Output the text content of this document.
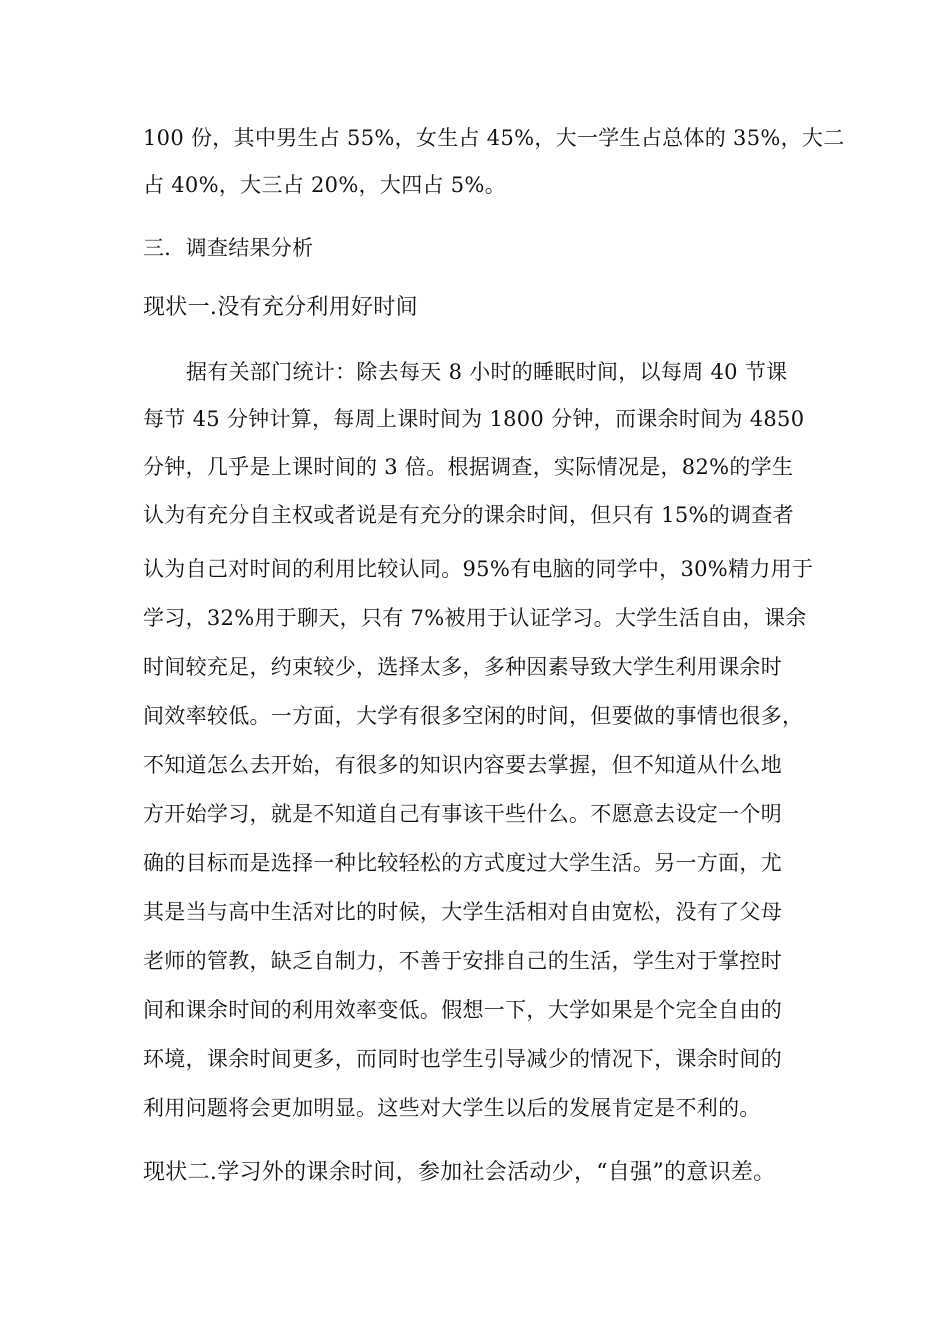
100 份，其中男生占 55%，女生占 45%，大一学生占总体的 35%，大二
占 40%，大三占 20%，大四占 5%。
三．调查结果分析
现状一.没有充分利用好时间
据有关部门统计：除去每天 8 小时的睡眠时间，以每周 40 节课
每节 45 分钟计算，每周上课时间为 1800 分钟，而课余时间为 4850
分钟，几乎是上课时间的 3 倍。根据调查，实际情况是，82%的学生
认为有充分自主权或者说是有充分的课余时间，但只有 15%的调查者
认为自己对时间的利用比较认同。95%有电脑的同学中，30%精力用于
学习，32%用于聊天，只有 7%被用于认证学习。大学生活自由，课余
时间较充足，约束较少，选择太多，多种因素导致大学生利用课余时
间效率较低。一方面，大学有很多空闲的时间，但要做的事情也很多，
不知道怎么去开始，有很多的知识内容要去掌握，但不知道从什么地
方开始学习，就是不知道自己有事该干些什么。不愿意去设定一个明
确的目标而是选择一种比较轻松的方式度过大学生活。另一方面，尤
其是当与高中生活对比的时候，大学生活相对自由宽松，没有了父母
老师的管教，缺乏自制力，不善于安排自己的生活，学生对于掌控时
间和课余时间的利用效率变低。假想一下，大学如果是个完全自由的
环境，课余时间更多，而同时也学生引导减少的情况下，课余时间的
利用问题将会更加明显。这些对大学生以后的发展肯定是不利的。
现状二.学习外的课余时间，参加社会活动少，“自强”的意识差。
